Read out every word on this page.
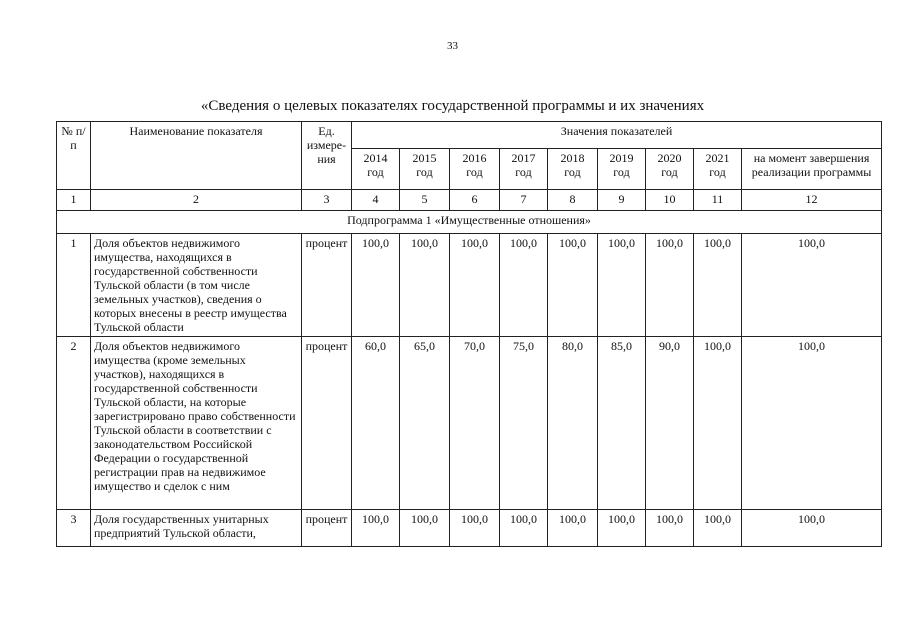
33
«Сведения о целевых показателях государственной программы и их значениях
№ п/п	Наименование показателя	Ед. измере-ния	Значения показателей								
			2014 год	2015 год	2016 год	2017 год	2018 год	2019 год	2020 год	2021 год	на момент завершения реализации программы
1	2	3	4	5	6	7	8	9	10	11	12
Подпрограмма 1 «Имущественные отношения»											
1	Доля объектов недвижимого имущества, находящихся в государственной собственности Тульской области (в том числе земельных участков), сведения о которых внесены в реестр имущества Тульской области	процент	100,0	100,0	100,0	100,0	100,0	100,0	100,0	100,0	100,0
2	Доля объектов недвижимого имущества (кроме земельных участков), находящихся в государственной собственности Тульской области, на которые зарегистрировано право собственности Тульской области в соответствии с законодательством Российской Федерации о государственной регистрации прав на недвижимое имущество и сделок с ним	процент	60,0	65,0	70,0	75,0	80,0	85,0	90,0	100,0	100,0
3	Доля государственных унитарных предприятий Тульской области,	процент	100,0	100,0	100,0	100,0	100,0	100,0	100,0	100,0	100,0
